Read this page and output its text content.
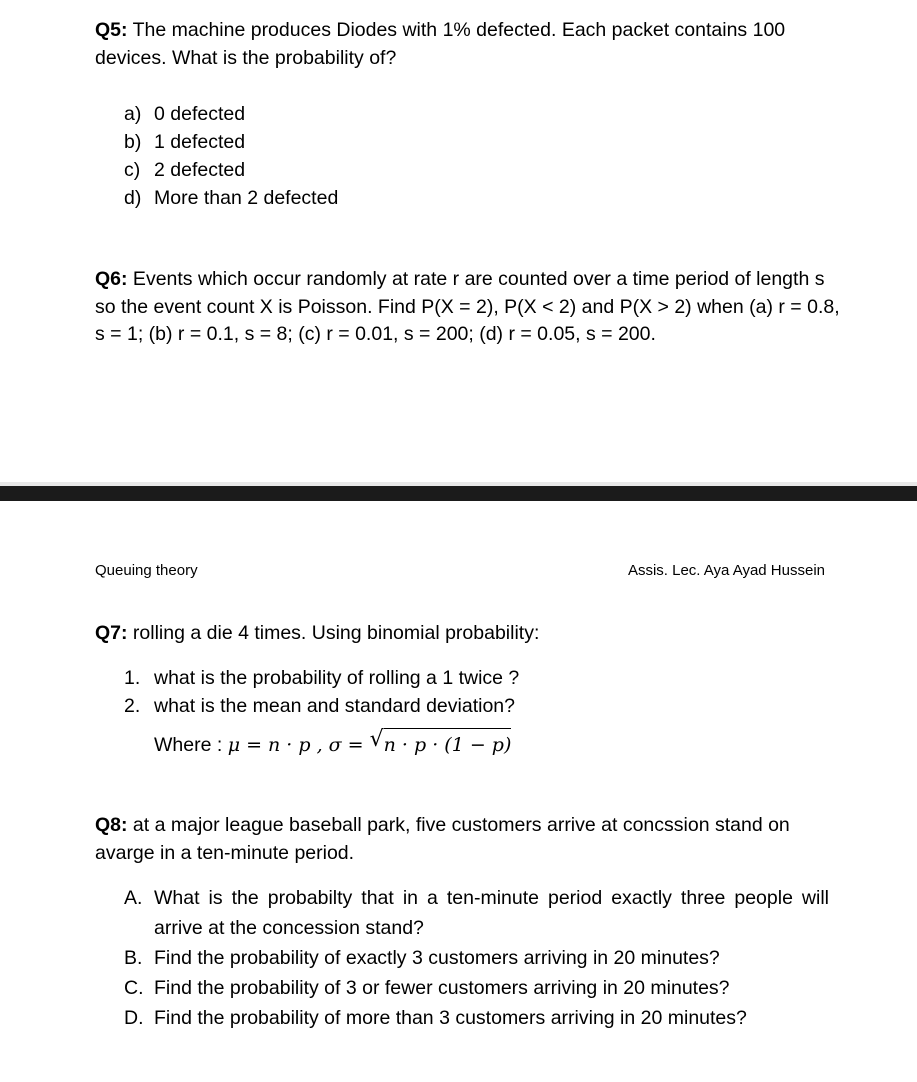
Q5: The machine produces Diodes with 1% defected. Each packet contains 100 devices. What is the probability of?

a) 0 defected
b) 1 defected
c) 2 defected
d) More than 2 defected

Q6: Events which occur randomly at rate r are counted over a time period of length s so the event count X is Poisson. Find P(X = 2), P(X < 2) and P(X > 2) when (a) r = 0.8, s = 1; (b) r = 0.1, s = 8; (c) r = 0.01, s = 200; (d) r = 0.05, s = 200.

Queuing theory	Assis. Lec. Aya Ayad Hussein

Q7: rolling a die 4 times. Using binomial probability:

1. what is the probability of rolling a 1 twice ?
2. what is the mean and standard deviation?
Where : μ = n · p , σ = √ n · p · (1 − p)

Q8: at a major league baseball park, five customers arrive at concssion stand on avarge in a ten-minute period.

A. What is the probabilty that in a ten-minute period exactly three people will arrive at the concession stand?
B. Find the probability of exactly 3 customers arriving in 20 minutes?
C. Find the probability of 3 or fewer customers arriving in 20 minutes?
D. Find the probability of more than 3 customers arriving in 20 minutes?
